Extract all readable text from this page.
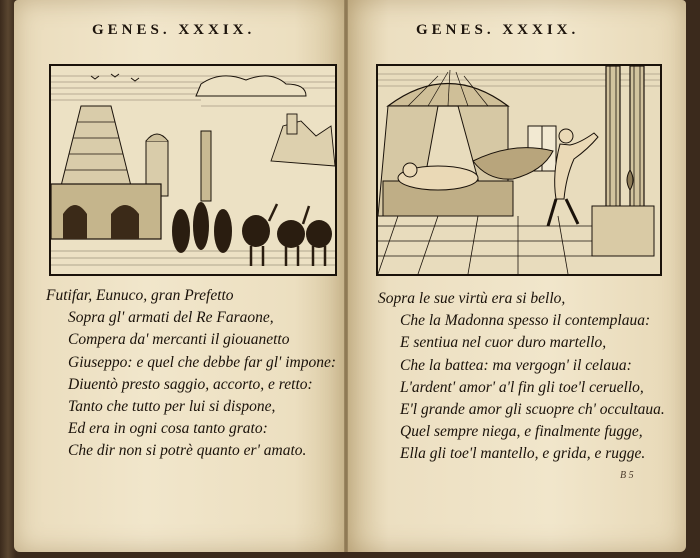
GENES. XXXIX.
Futifar, Eunuco, gran Prefetto
Sopra gl' armati del Re Faraone,
Compera da' mercanti il giouanetto
Giuseppo: e quel che debbe far gl' impone:
Diuentò presto saggio, accorto, e retto:
Tanto che tutto per lui si dispone,
Ed era in ogni cosa tanto grato:
Che dir non si potrè quanto er' amato.
GENES. XXXIX.
Sopra le sue virtù era si bello,
Che la Madonna spesso il contemplaua:
E sentiua nel cuor duro martello,
Che la battea: ma vergogn' il celaua:
L'ardent' amor' a'l fin gli toe'l ceruello,
E'l grande amor gli scuopre ch' occultaua.
Quel sempre niega, e finalmente fugge,
Ella gli toe'l mantello, e grida, e rugge.
B 5
